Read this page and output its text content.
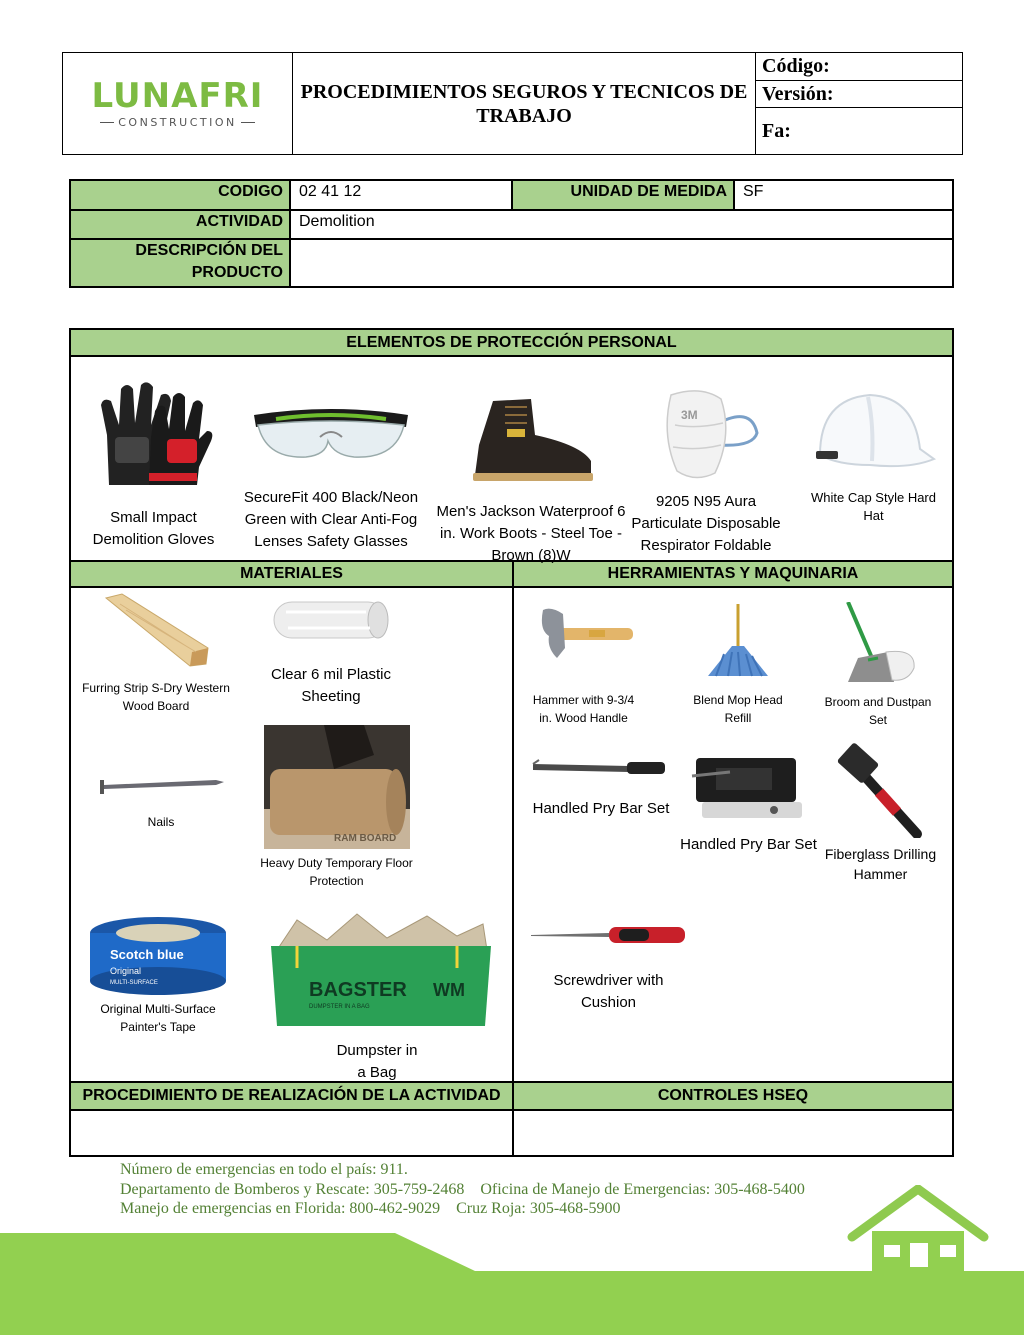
LUNAFRI
CONSTRUCTION
PROCEDIMIENTOS SEGUROS Y TECNICOS DE TRABAJO
Código:
Versión:
Fa:
CODIGO	02 41 12	UNIDAD DE MEDIDA	SF
ACTIVIDAD	Demolition
DESCRIPCIÓN DEL PRODUCTO
ELEMENTOS DE PROTECCIÓN PERSONAL
MATERIALES	HERRAMIENTAS Y MAQUINARIA
PROCEDIMIENTO DE REALIZACIÓN DE LA ACTIVIDAD	CONTROLES HSEQ
Small Impact Demolition Gloves
SecureFit 400 Black/Neon Green with Clear Anti-Fog Lenses Safety Glasses
Men's Jackson Waterproof 6 in. Work Boots - Steel Toe - Brown (8)W
3M
9205 N95 Aura Particulate Disposable Respirator Foldable
White Cap Style Hard Hat
Furring Strip S-Dry Western Wood Board
Clear 6 mil Plastic Sheeting
Nails
RAM BOARD
Heavy Duty Temporary Floor Protection
Scotch blue
Original
MULTI-SURFACE
Original Multi-Surface Painter's Tape
BAGSTER
DUMPSTER IN A BAG
WM
Dumpster in a Bag
Hammer with 9-3/4 in. Wood Handle
Blend Mop Head Refill
Broom and Dustpan Set
Handled Pry Bar Set
Handled Pry Bar Set
Fiberglass Drilling Hammer
Screwdriver with Cushion
Número de emergencias en todo el país: 911.
Departamento de Bomberos y Rescate: 305-759-2468    Oficina de Manejo de Emergencias: 305-468-5400
Manejo de emergencias en Florida: 800-462-9029    Cruz Roja: 305-468-5900
